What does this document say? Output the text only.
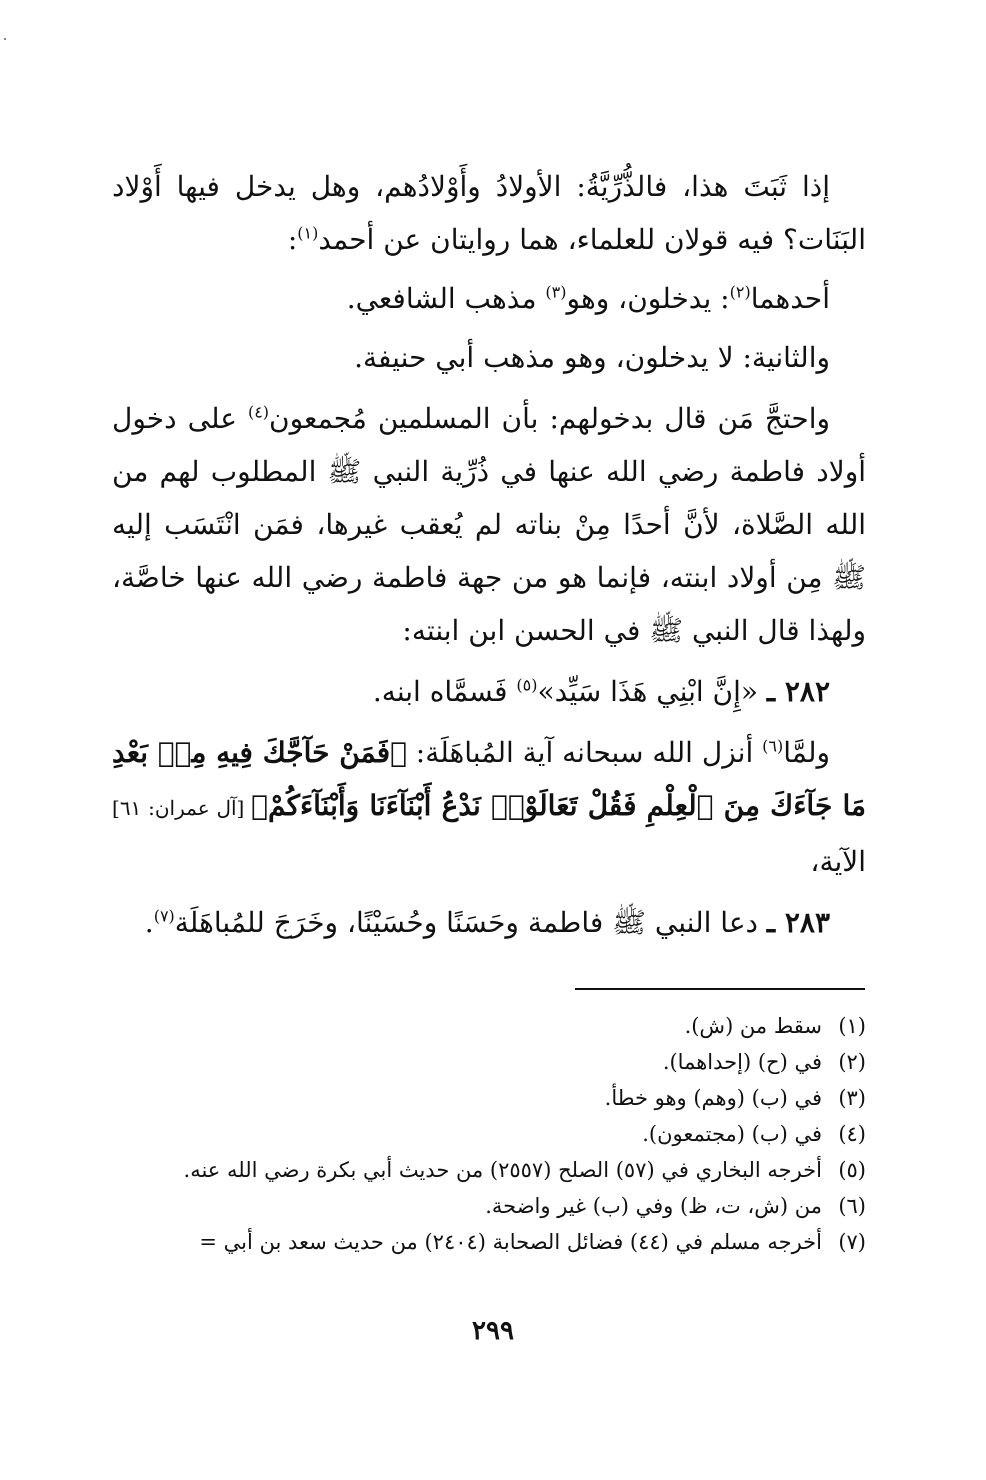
إذا ثَبَتَ هذا، فالذُّرِّيَّةُ: الأولادُ وأَوْلادُهم، وهل يدخل فيها أَوْلاد البَنَات؟ فيه قولان للعلماء، هما روايتان عن أحمد$^{(١)}$:

أحدهما$^{(٢)}$: يدخلون، وهو$^{(٣)}$ مذهب الشافعي.

والثانية: لا يدخلون، وهو مذهب أبي حنيفة.

واحتجَّ مَن قال بدخولهم: بأن المسلمين مُجمعون$^{(٤)}$ على دخول أولاد فاطمة رضي الله عنها في ذُرِّية النبي ﷺ المطلوب لهم من الله الصَّلاة، لأنَّ أحدًا مِنْ بناته لم يُعقب غيرها، فمَن انْتَسَب إليه ﷺ مِن أولاد ابنته، فإنما هو من جهة فاطمة رضي الله عنها خاصَّة، ولهذا قال النبي ﷺ في الحسن ابن ابنته:

٢٨٢ ـ «إِنَّ ابْنِي هَذَا سَيِّد»$^{(٥)}$ فَسمَّاه ابنه.

ولمَّا$^{(٦)}$ أنزل الله سبحانه آية المُباهَلَة: ﴿فَمَنْ حَآجَّكَ فِيهِ مِنۢ بَعْدِ مَا جَآءَكَ مِنَ ٱلْعِلْمِ فَقُلْ تَعَالَوْا۟ نَدْعُ أَبْنَآءَنَا وَأَبْنَآءَكُمْ﴾ [آل عمران: ٦١] الآية،

٢٨٣ ـ دعا النبي ﷺ فاطمة وحَسَنًا وحُسَيْنًا، وخَرَجَ للمُباهَلَة$^{(٧)}$.

(١)سقط من (ش).
(٢)في (ح) (إحداهما).
(٣)في (ب) (وهم) وهو خطأ.
(٤)في (ب) (مجتمعون).
(٥)أخرجه البخاري في (٥٧) الصلح (٢٥٥٧) من حديث أبي بكرة رضي الله عنه.
(٦)من (ش، ت، ظ) وفي (ب) غير واضحة.
(٧)أخرجه مسلم في (٤٤) فضائل الصحابة (٢٤٠٤) من حديث سعد بن أبي =
٢٩٩
